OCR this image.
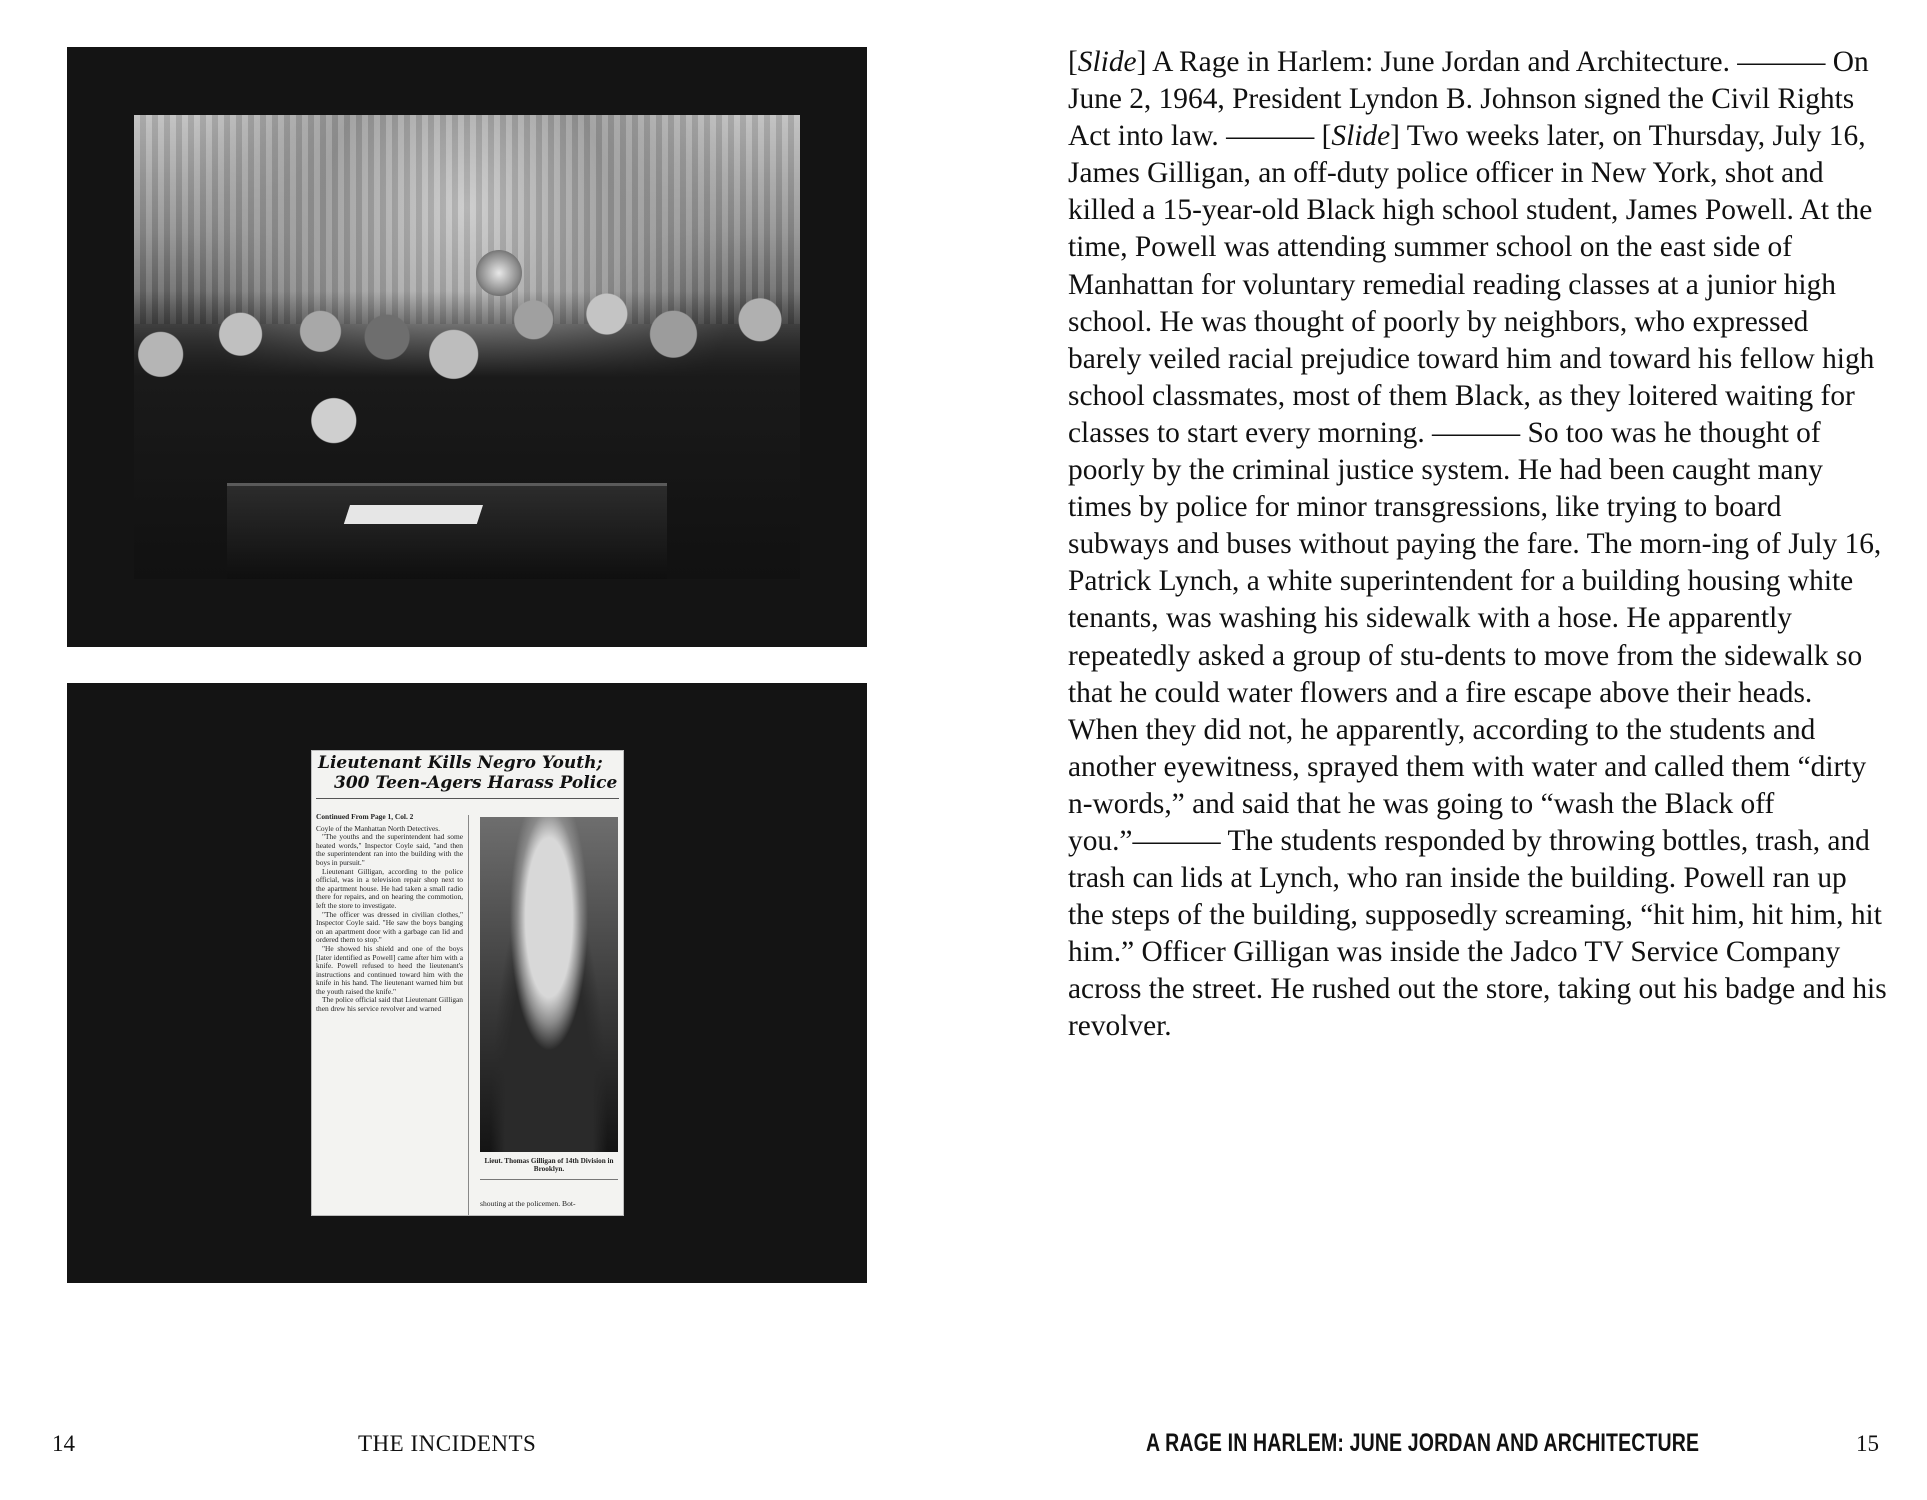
Lieutenant Kills Negro Youth;
300 Teen-Agers Harass Police
Continued From Page 1, Col. 2

Coyle of the Manhattan North Detectives.

"The youths and the superintendent had some heated words," Inspector Coyle said, "and then the superintendent ran into the building with the boys in pursuit."

Lieutenant Gilligan, according to the police official, was in a television repair shop next to the apartment house. He had taken a small radio there for repairs, and on hearing the commotion, left the store to investigate.

"The officer was dressed in civilian clothes," Inspector Coyle said. "He saw the boys banging on an apartment door with a garbage can lid and ordered them to stop."

"He showed his shield and one of the boys [later identified as Powell] came after him with a knife. Powell refused to heed the lieutenant's instructions and continued toward him with the knife in his hand. The lieutenant warned him but the youth raised the knife."

The police official said that Lieutenant Gilligan then drew his service revolver and warned

Lieut. Thomas Gilligan of 14th Division in Brooklyn.
shouting at the policemen. Bot-
[Slide] A Rage in Harlem: June Jordan and Architecture. ——— On June 2, 1964, President Lyndon B. Johnson signed the Civil Rights Act into law. ——— [Slide] Two weeks later, on Thursday, July 16, James Gilligan, an off-duty police officer in New York, shot and killed a 15-year-old Black high school student, James Powell. At the time, Powell was attending summer school on the east side of Manhattan for voluntary remedial reading classes at a junior high school. He was thought of poorly by neighbors, who expressed barely veiled racial prejudice toward him and toward his fellow high school classmates, most of them Black, as they loitered waiting for classes to start every morning. ——— So too was he thought of poorly by the criminal justice system. He had been caught many times by police for minor transgressions, like trying to board subways and buses without paying the fare. The morn-ing of July 16, Patrick Lynch, a white superintendent for a building housing white tenants, was washing his sidewalk with a hose. He apparently repeatedly asked a group of stu-dents to move from the sidewalk so that he could water flowers and a fire escape above their heads. When they did not, he apparently, according to the students and another eyewitness, sprayed them with water and called them “dirty n-words,” and said that he was going to “wash the Black off you.”——— The students responded by throwing bottles, trash, and trash can lids at Lynch, who ran inside the building. Powell ran up the steps of the building, supposedly screaming, “hit him, hit him, hit him.” Officer Gilligan was inside the Jadco TV Service Company across the street. He rushed out the store, taking out his badge and his revolver.
14	THE INCIDENTS	A RAGE IN HARLEM: JUNE JORDAN AND ARCHITECTURE	15
